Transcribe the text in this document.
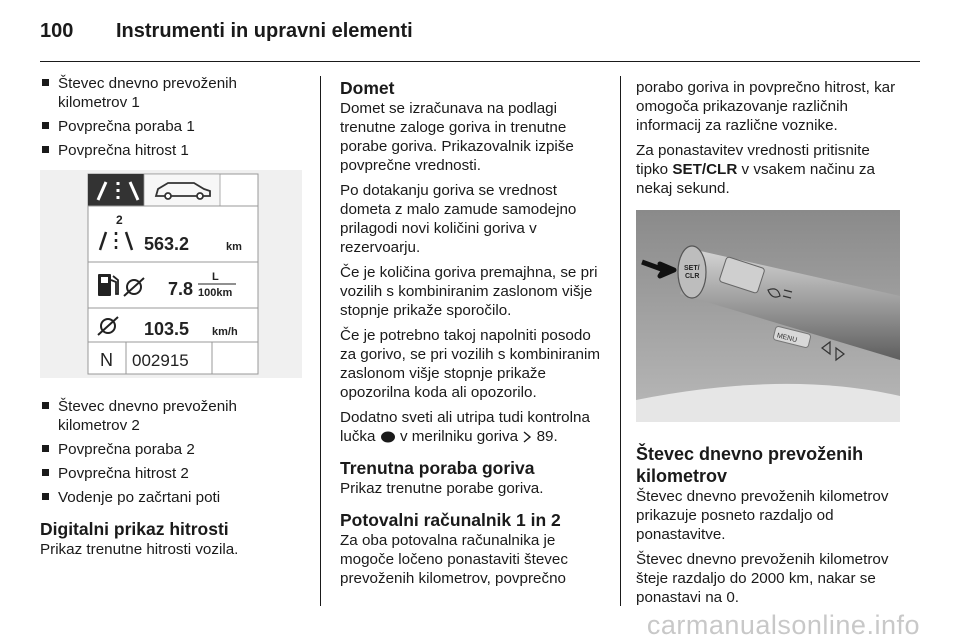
100 Instrumenti in upravni elementi
Števec dnevno prevoženih kilometrov 1
Povprečna poraba 1
Povprečna hitrost 1
2
563.2	km
7.8
L
100km
103.5 km/h
N 002915
Števec dnevno prevoženih kilometrov 2
Povprečna poraba 2
Povprečna hitrost 2
Vodenje po začrtani poti
Digitalni prikaz hitrosti

Prikaz trenutne hitrosti vozila.

Domet

Domet se izračunava na podlagi trenutne zaloge goriva in trenutne porabe goriva. Prikazovalnik izpiše povprečne vrednosti.

Po dotakanju goriva se vrednost dometa z malo zamude samodejno prilagodi novi količini goriva v rezervoarju.

Če je količina goriva premajhna, se pri vozilih s kombiniranim zaslonom višje stopnje prikaže sporočilo.

Če je potrebno takoj napolniti posodo za gorivo, se pri vozilih s kombiniranim zaslonom višje stopnje prikaže opozorilna koda ali opozorilo.

Dodatno sveti ali utripa tudi kontrolna lučka v merilniku goriva 89.

Trenutna poraba goriva

Prikaz trenutne porabe goriva.

Potovalni računalnik 1 in 2

Za oba potovalna računalnika je mogoče ločeno ponastaviti števec prevoženih kilometrov, povprečno

porabo goriva in povprečno hitrost, kar omogoča prikazovanje različnih informacij za različne voznike.

Za ponastavitev vrednosti pritisnite tipko SET/CLR v vsakem načinu za nekaj sekund.

SET/
CLR
MENU
Števec dnevno prevoženih kilometrov

Števec dnevno prevoženih kilometrov prikazuje posneto razdaljo od ponastavitve.

Števec dnevno prevoženih kilometrov šteje razdaljo do 2000 km, nakar se ponastavi na 0.

carmanualsonline.info
